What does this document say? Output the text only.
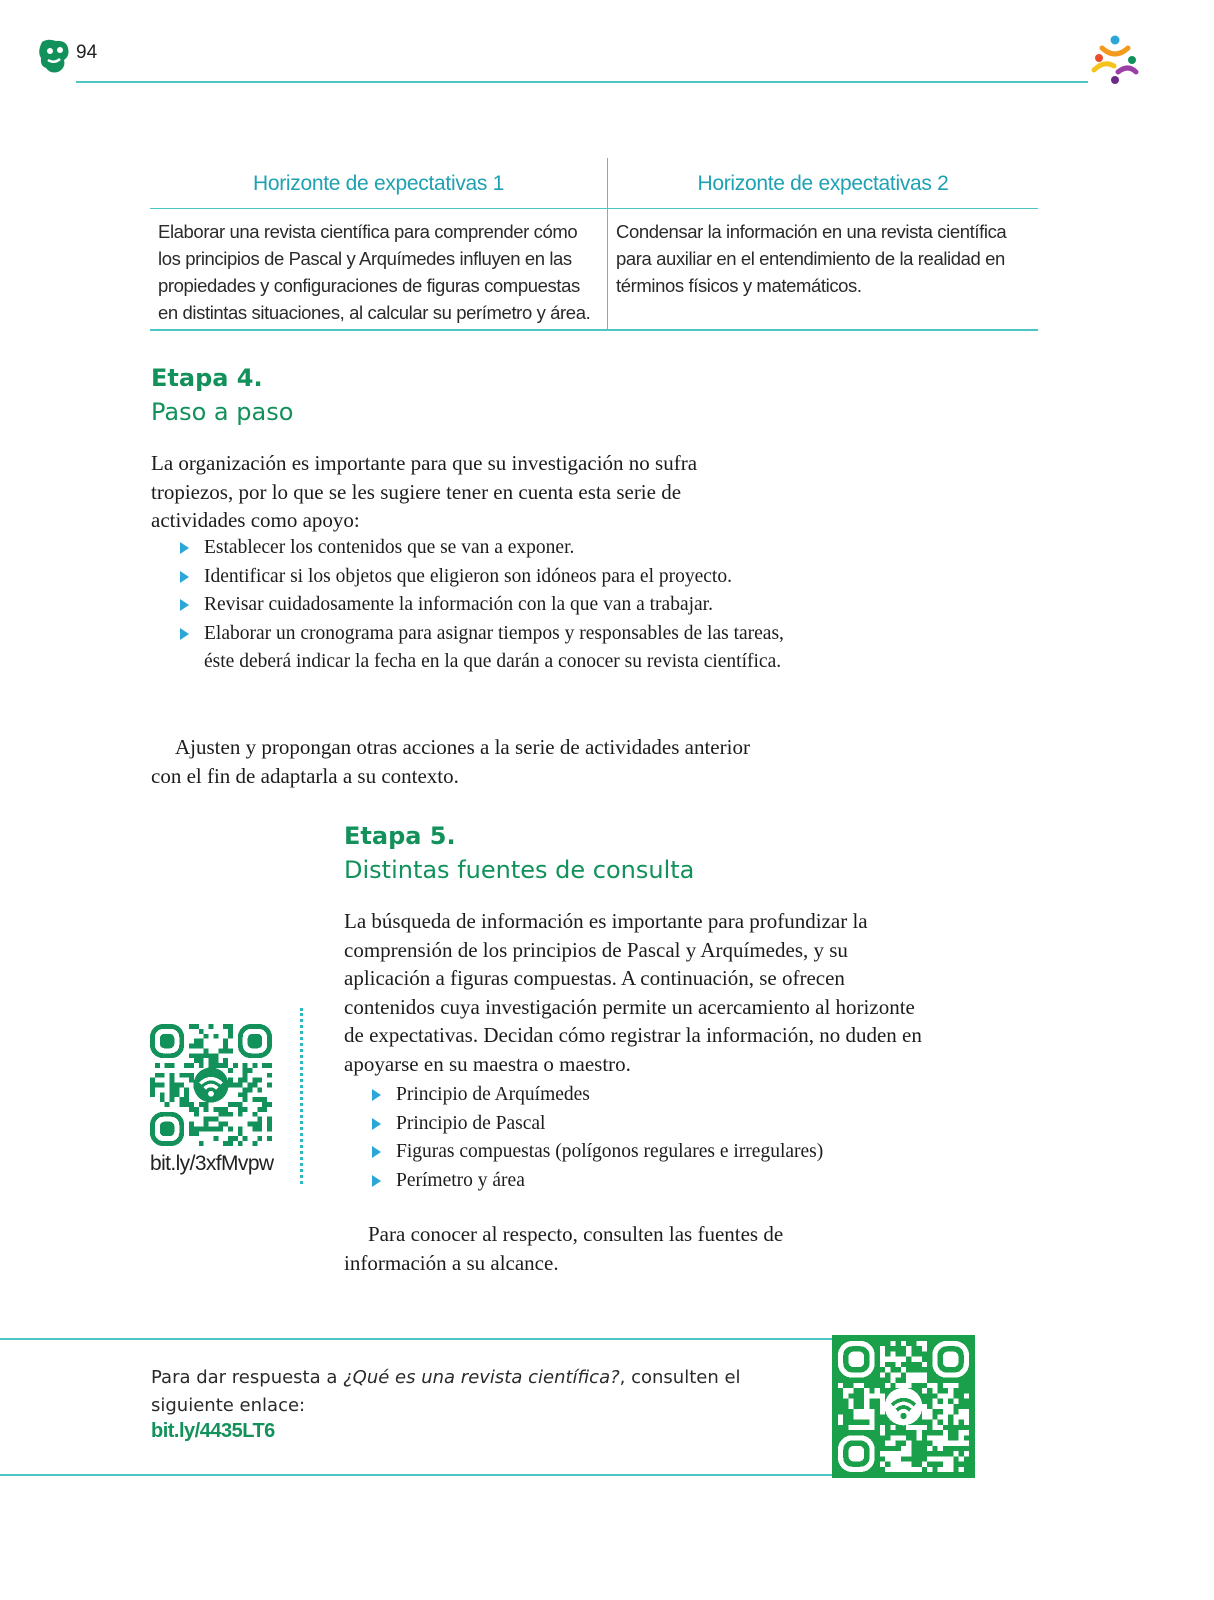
94
Horizonte de expectativas 1
Elaborar una revista científica para comprender cómo los principios de Pascal y Arquímedes influyen en las propiedades y configuraciones de figuras compuestas en distintas situaciones, al calcular su perímetro y área.
Horizonte de expectativas 2
Condensar la información en una revista científica para auxiliar en el entendimiento de la realidad en términos físicos y matemáticos.
Etapa 4.
Paso a paso
La organización es importante para que su investigación no sufra tropiezos, por lo que se les sugiere tener en cuenta esta serie de actividades como apoyo:
Establecer los contenidos que se van a exponer.
Identificar si los objetos que eligieron son idóneos para el proyecto.
Revisar cuidadosamente la información con la que van a trabajar.
Elaborar un cronograma para asignar tiempos y responsables de las tareas, éste deberá indicar la fecha en la que darán a conocer su revista científica.
Ajusten y propongan otras acciones a la serie de actividades anterior con el fin de adaptarla a su contexto.
Etapa 5.
Distintas fuentes de consulta
La búsqueda de información es importante para profundizar la comprensión de los principios de Pascal y Arquímedes, y su aplicación a figuras compuestas. A continuación, se ofrecen contenidos cuya investigación permite un acercamiento al horizonte de expectativas. Decidan cómo registrar la información, no duden en apoyarse en su maestra o maestro.
Principio de Arquímedes
Principio de Pascal
Figuras compuestas (polígonos regulares e irregulares)
Perímetro y área
Para conocer al respecto, consulten las fuentes de información a su alcance.
bit.ly/3xfMvpw
Para dar respuesta a ¿Qué es una revista científica?, consulten el siguiente enlace:
bit.ly/4435LT6
